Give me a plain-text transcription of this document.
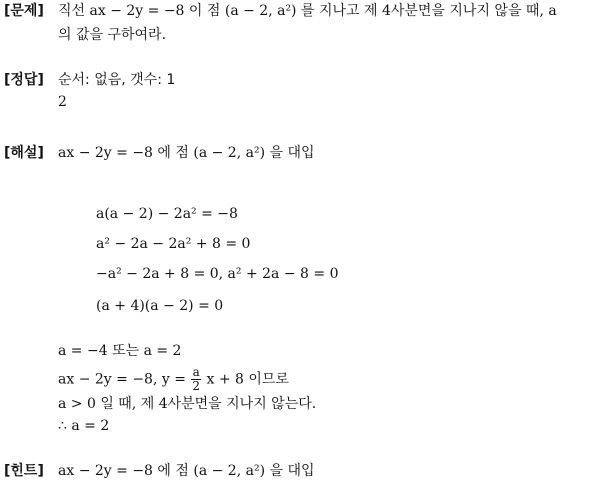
[문제] 직선 ax − 2y = −8 이 점 (a − 2, a²) 를 지나고 제 4사분면을 지나지 않을 때, a
의 값을 구하여라.
[정답] 순서: 없음, 갯수: 1
2
[해설] ax − 2y = −8 에 점 (a − 2, a²) 을 대입
a(a − 2) − 2a² = −8
a² − 2a − 2a² + 8 = 0
−a² − 2a + 8 = 0, a² + 2a − 8 = 0
(a + 4)(a − 2) = 0
a = −4 또는 a = 2
ax − 2y = −8, $y = \frac{a}{2}$ x + 8 이므로
a > 0 일 때, 제 4사분면을 지나지 않는다.
∴ a = 2
[힌트] ax − 2y = −8 에 점 (a − 2, a²) 을 대입
